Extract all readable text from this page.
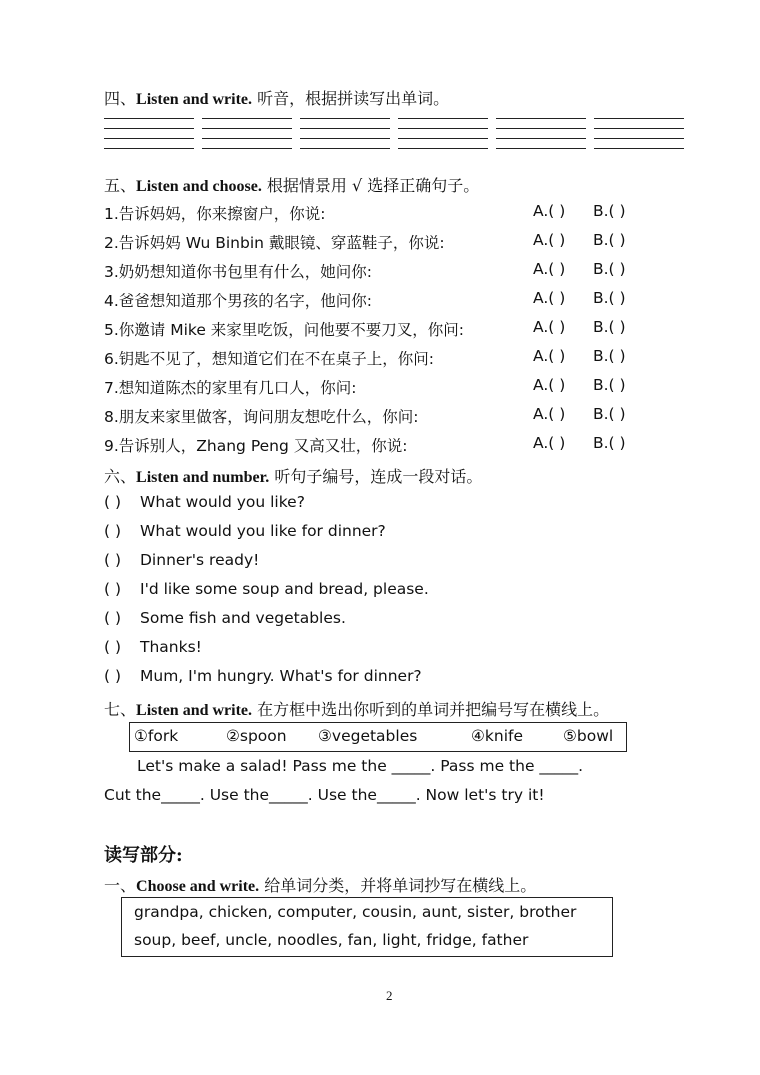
四、Listen and write. 听音，根据拼读写出单词。
五、Listen and choose. 根据情景用 √ 选择正确句子。
1.告诉妈妈，你来擦窗户，你说:	A.( ) B.( )
2.告诉妈妈 Wu Binbin 戴眼镜、穿蓝鞋子，你说:	A.( ) B.( )
3.奶奶想知道你书包里有什么，她问你:	A.( ) B.( )
4.爸爸想知道那个男孩的名字，他问你:	A.( ) B.( )
5.你邀请 Mike 来家里吃饭，问他要不要刀叉，你问:	A.( ) B.( )
6.钥匙不见了，想知道它们在不在桌子上，你问:	A.( ) B.( )
7.想知道陈杰的家里有几口人，你问:	A.( ) B.( )
8.朋友来家里做客，询问朋友想吃什么，你问:	A.( ) B.( )
9.告诉别人，Zhang Peng 又高又壮，你说:	A.( ) B.( )
六、Listen and number. 听句子编号，连成一段对话。
( ) What would you like?
( ) What would you like for dinner?
( ) Dinner's ready!
( ) I'd like some soup and bread, please.
( ) Some fish and vegetables.
( ) Thanks!
( ) Mum, I'm hungry. What's for dinner?
七、Listen and write. 在方框中选出你听到的单词并把编号写在横线上。
①fork	②spoon ③vegetables	④knife	⑤bowl
Let's make a salad! Pass me the _____. Pass me the _____.
Cut the_____. Use the_____. Use the_____. Now let's try it!
读写部分:
一、Choose and write. 给单词分类，并将单词抄写在横线上。
grandpa, chicken, computer, cousin, aunt, sister, brother
soup, beef, uncle, noodles, fan, light, fridge, father
2
